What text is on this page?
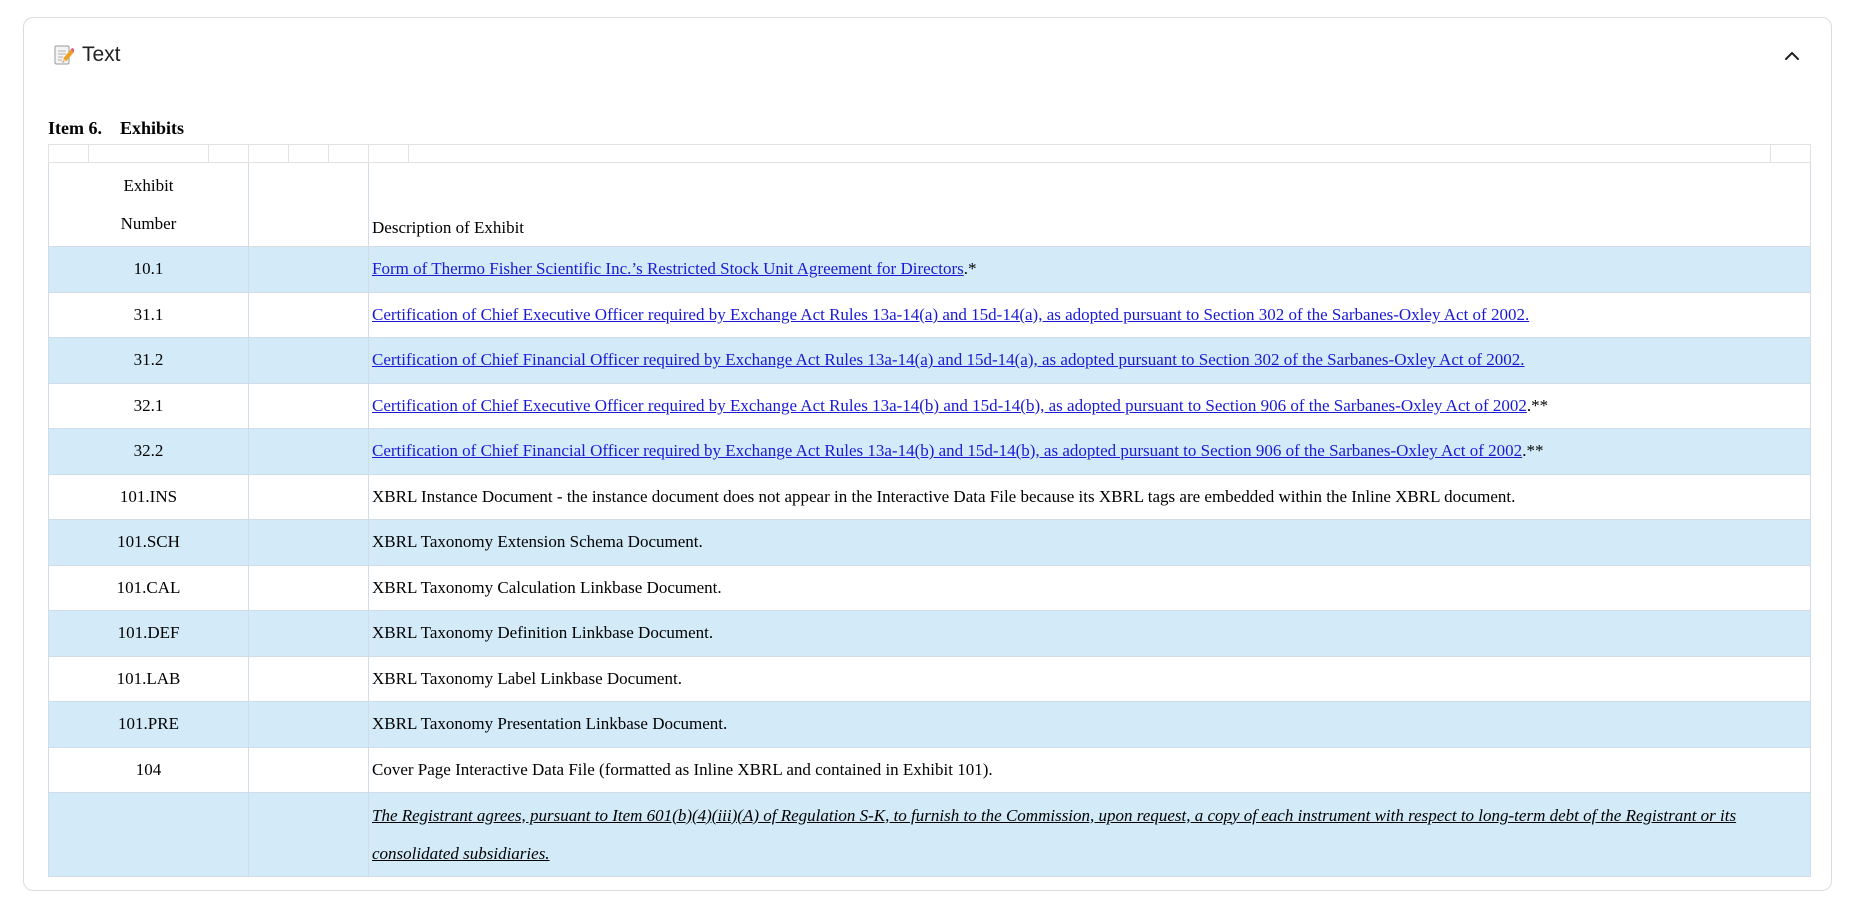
Text
Item 6.    Exhibits

Exhibit
Number						Description of Exhibit		
10.1						Form of Thermo Fisher Scientific Inc.’s Restricted Stock Unit Agreement for Directors.*		
31.1						Certification of Chief Executive Officer required by Exchange Act Rules 13a-14(a) and 15d-14(a), as adopted pursuant to Section 302 of the Sarbanes-Oxley Act of 2002.		
31.2						Certification of Chief Financial Officer required by Exchange Act Rules 13a-14(a) and 15d-14(a), as adopted pursuant to Section 302 of the Sarbanes-Oxley Act of 2002.		
32.1						Certification of Chief Executive Officer required by Exchange Act Rules 13a-14(b) and 15d-14(b), as adopted pursuant to Section 906 of the Sarbanes-Oxley Act of 2002.**		
32.2						Certification of Chief Financial Officer required by Exchange Act Rules 13a-14(b) and 15d-14(b), as adopted pursuant to Section 906 of the Sarbanes-Oxley Act of 2002.**		
101.INS						XBRL Instance Document - the instance document does not appear in the Interactive Data File because its XBRL tags are embedded within the Inline XBRL document.		
101.SCH						XBRL Taxonomy Extension Schema Document.		
101.CAL						XBRL Taxonomy Calculation Linkbase Document.		
101.DEF						XBRL Taxonomy Definition Linkbase Document.		
101.LAB						XBRL Taxonomy Label Linkbase Document.		
101.PRE						XBRL Taxonomy Presentation Linkbase Document.		
104						Cover Page Interactive Data File (formatted as Inline XBRL and contained in Exhibit 101).		
						The Registrant agrees, pursuant to Item 601(b)(4)(iii)(A) of Regulation S-K, to furnish to the Commission, upon request, a copy of each instrument with respect to long-term debt of the Registrant or its consolidated subsidiaries.		
